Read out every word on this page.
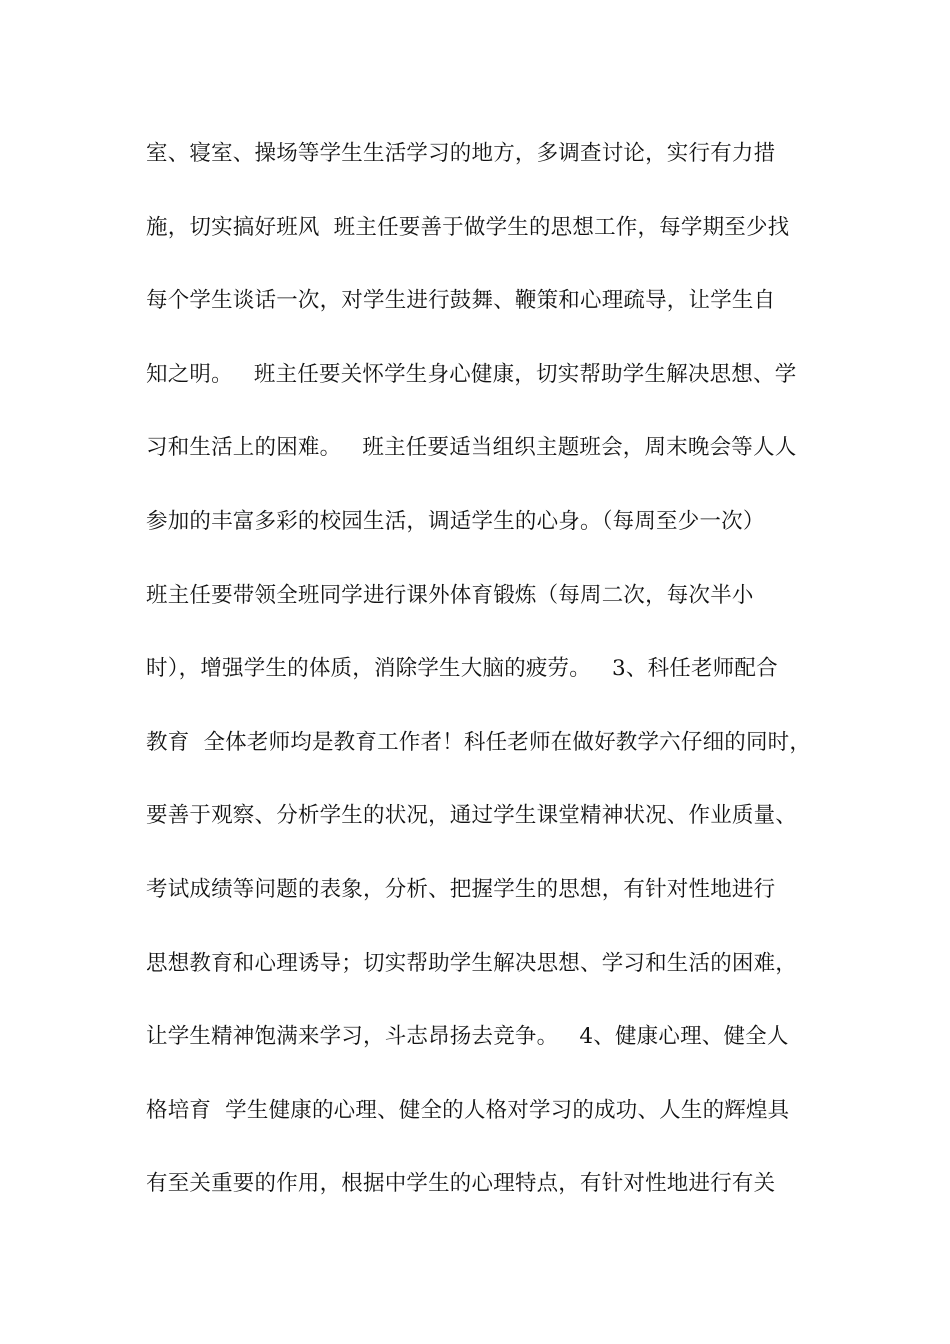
室、寝室、操场等学生生活学习的地方，多调查讨论，实行有力措
施，切实搞好班风  班主任要善于做学生的思想工作，每学期至少找
每个学生谈话一次，对学生进行鼓舞、鞭策和心理疏导，让学生自
知之明。   班主任要关怀学生身心健康，切实帮助学生解决思想、学
习和生活上的困难。   班主任要适当组织主题班会，周末晚会等人人
参加的丰富多彩的校园生活，调适学生的心身。（每周至少一次）
班主任要带领全班同学进行课外体育锻炼（每周二次，每次半小
时），增强学生的体质，消除学生大脑的疲劳。   3、科任老师配合
教育  全体老师均是教育工作者！科任老师在做好教学六仔细的同时，
要善于观察、分析学生的状况，通过学生课堂精神状况、作业质量、
考试成绩等问题的表象，分析、把握学生的思想，有针对性地进行
思想教育和心理诱导；切实帮助学生解决思想、学习和生活的困难，
让学生精神饱满来学习，斗志昂扬去竞争。   4、健康心理、健全人
格培育  学生健康的心理、健全的人格对学习的成功、人生的辉煌具
有至关重要的作用，根据中学生的心理特点，有针对性地进行有关
